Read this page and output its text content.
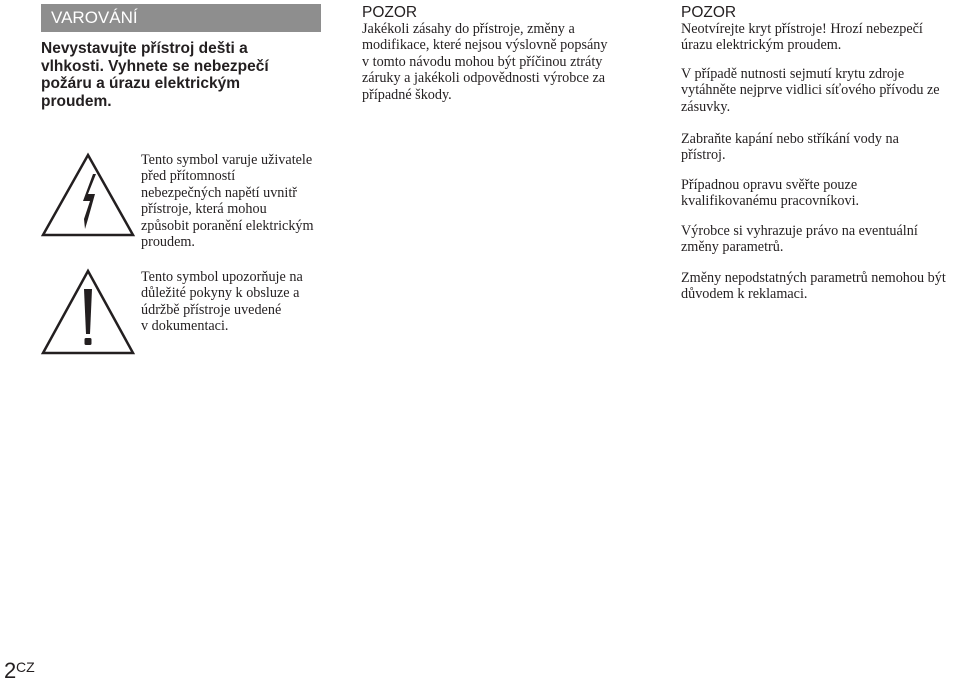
VAROVÁNÍ
Nevystavujte přístroj dešti a
vlhkosti. Vyhnete se nebezpečí
požáru a úrazu elektrickým
proudem.
Tento symbol varuje uživatele
před přítomností
nebezpečných napětí uvnitř
přístroje, která mohou
způsobit poranění elektrickým
proudem.
Tento symbol upozorňuje na
důležité pokyny k obsluze a
údržbě přístroje uvedené
v dokumentaci.
POZOR
Jakékoli zásahy do přístroje, změny a
modifikace, které nejsou výslovně popsány
v tomto návodu mohou být příčinou ztráty
záruky a jakékoli odpovědnosti výrobce za
případné škody.
POZOR
Neotvírejte kryt přístroje! Hrozí nebezpečí
úrazu elektrickým proudem.
V případě nutnosti sejmutí krytu zdroje
vytáhněte nejprve vidlici síťového přívodu ze
zásuvky.
Zabraňte kapání nebo stříkání vody na
přístroj.
Případnou opravu svěřte pouze
kvalifikovanému pracovníkovi.
Výrobce si vyhrazuje právo na eventuální
změny parametrů.
Změny nepodstatných parametrů nemohou být
důvodem k reklamaci.
2 CZ
